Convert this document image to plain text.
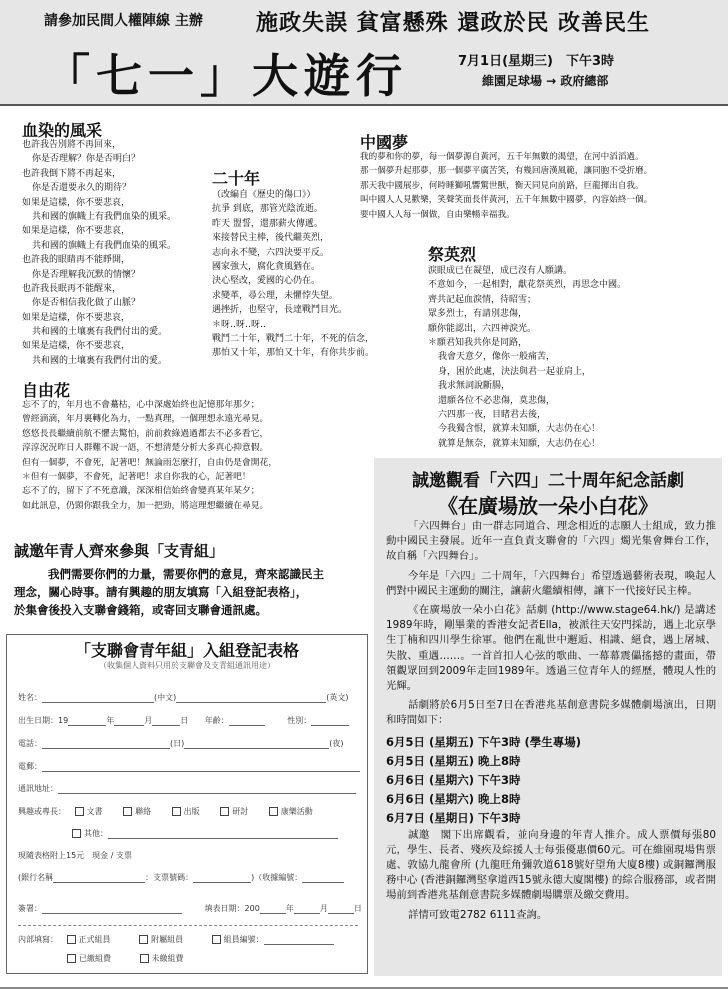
請參加民間人權陣線 主辦 施政失誤 貧富懸殊 還政於民 改善民生
「七一」大遊行	7月1日(星期三)　下午3時
維園足球場 → 政府總部
血染的風采
也許我告別將不再回來，
你是否理解？你是否明白？
也許我倒下將不再起來，
你是否還要永久的期待？
如果是這樣，你不要悲哀，
共和國的旗幟上有我們血染的風采。
如果是這樣，你不要悲哀，
共和國的旗幟上有我們血染的風采。
也許我的眼睛再不能睜開，
你是否理解我沉默的情懷？
也許我長眠再不能醒來，
你是否相信我化做了山脈？
如果是這樣，你不要悲哀，
共和國的土壤裏有我們付出的愛。
如果是這樣，你不要悲哀，
共和國的土壤裏有我們付出的愛。
二十年
（改編自《歷史的傷口》）
抗爭 到底，那管光陰流逝。
昨天 盟誓，還那薪火傳遞。
來接替民主棒，後代繼英烈，
志向永不變，六四決要平反。
國家強大，腐化貪風猶在。
決心堅改，愛國的心仍在。
求變革，尋公理，未懼悖失望。
遇挫折，也堅守，長達戰鬥目光。
＊呀‥呀‥呀‥
戰鬥二十年，戰鬥二十年，不死的信念，
那怕又十年，那怕又十年，有你共步前。
中國夢
我的夢和你的夢，每一個夢源自黃河，五千年無數的渴望，在河中滔滔過。
那一個夢升起那夢，那一個夢平廣苦笑，有幾回唐漢風範，讓同胞不受折磨。
那天我中國展步，何時睡獅吼響驚世獸，衡天同見向前路，巨龍揮出自我。
叫中國人人見歡樂，笑聲笑面長伴黃河，五千年無數中國夢，內容始終一個。
要中國人人每一個做，自由樂暢幸福我。
祭英烈
淚眼成已在凝望，成已沒有人願講。
不意如今，一起相對，獻花祭英烈，再思念中國。
齊共記起血淚情，待昭雪；
眾多烈士，有請別悲傷，
願你能認出，六四神淚光。
＊願君知我共你是同路，
我會天意夕，像你一般痛苦，
身，困於此處，決法與君一起並肩上，
我求無詞說斷腸，
還願各位不必悲傷，莫悲傷，
六四那一夜，目睹君去後，
今我獨含恨，就算未知願，大志仍在心！
就算是無奈，就算未知願，大志仍在心！
自由花
忘不了的，年月也不會驀枯，心中深處始終也記憶那年那夕；
曾經滴滴，年月裏轉化為力，一點真理，一個理想永遠光尋見。
悠悠長長繼續前航不懼去驚怕，前前救綠過過都去不必多看它，
淳淳況況昨日人群難不說一語，不想清楚分析大多真心抑意假。
但有一個夢，不會死，記著吧！無論雨怎麼打，自由仍是會開花，
＊但有一個夢，不會死，記著吧！求自你我的心，記著吧！
忘不了的，留下了不死意識，深深相信始終會變真某年某夕；
如此訊息，仍頸你跟我全力，加一把勁，將這理想繼續在尋見。
誠邀年青人齊來參與「支青組」
我們需要你們的力量，需要你們的意見，齊來認識民主
理念，關心時事。請有興趣的朋友填寫「入組登記表格」，
於集會後投入支聯會錢箱，或寄回支聯會通訊處。
「支聯會青年組」入組登記表格
（收集個人資料只用於支聯會及支青組通訊用途）
姓名：	(中文)	(英文)
出生日期：19	年	月	日 年齡：	性別：
電話：	(日)	(夜)
電郵：
通訊地址：
興趣或專長：	文書	聯絡	出版	研討	康樂活動
其他：
現隨表格附上15元　現金 / 支票
(銀行名稱	：支票號碼：	)（收據編號：
簽署：	填表日期：200	年	月	日
內部填寫：	正式組員	附屬組員	組員編號：
已繳組費	未繳組費
誠邀觀看「六四」二十周年紀念話劇
《在廣場放一朵小白花》

「六四舞台」由一群志同道合、理念相近的志願人士組成，致力推動中國民主發展。近年一直負責支聯會的「六四」燭光集會舞台工作，故自稱「六四舞台」。

今年是「六四」二十周年，「六四舞台」希望透過藝術表現，喚起人們對中國民主運動的關注，讓薪火繼續相傳，讓下一代接好民主棒。

《在廣場放一朵小白花》話劇 (http://www.stage64.hk/) 是講述1989年時，剛畢業的香港女記者Ella，被派往天安門採訪，遇上北京學生丁楠和四川學生徐軍。他們在亂世中邂逅、相識、絕食，遇上屠城、失散、重遇……。一首首扣人心弦的歌曲、一幕幕震儡搖撼的畫面，帶領觀眾回到2009年走回1989年。透過三位青年人的經歷，體現人性的光輝。

話劇將於6月5日至7日在香港兆基創意書院多媒體劇場演出，日期和時間如下：

6月5日 (星期五) 下午3時 (學生專場)

6月5日 (星期五) 晚上8時

6月6日 (星期六) 下午3時

6月6日 (星期六) 晚上8時

6月7日 (星期日) 下午3時

誠邀　閣下出席觀看，並向身邊的年青人推介。成人票價每張80元，學生、長者、殘疾及綜援人士每張優惠價60元。可在維園現場售票處、敦協九龍會所 (九龍旺角彌敦道618號好望角大廈8樓) 或銅鑼灣服務中心 (香港銅鑼灣堅拿道西15號永德大廈閣樓) 的綜合服務部，或者開場前到香港兆基創意書院多媒體劇場購票及繳交費用。

詳情可致電2782 6111查詢。
